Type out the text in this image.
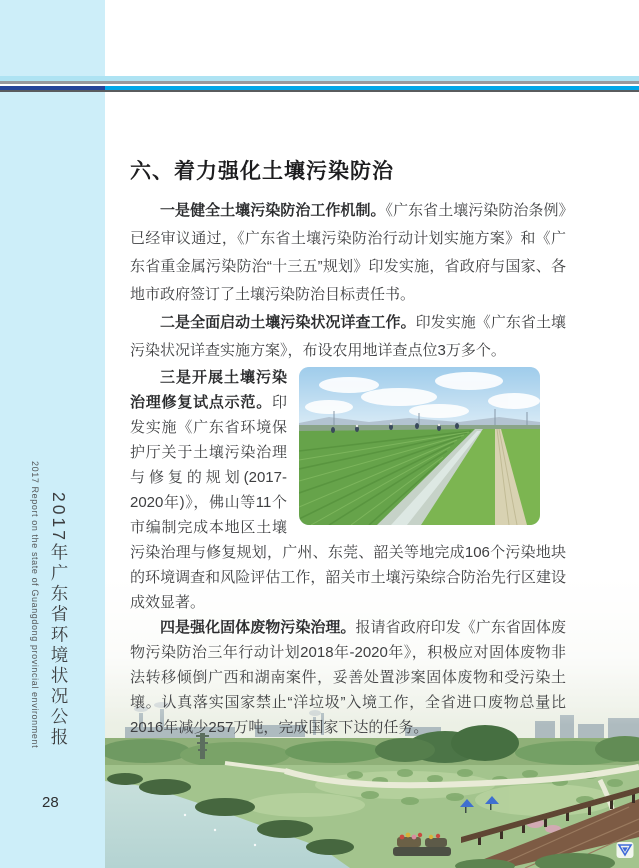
2017 Report on the state of Guangdong provincial environment 2017年广东省环境状况公报
28
六、着力强化土壤污染防治

一是健全土壤污染防治工作机制。《广东省土壤污染防治条例》已经审议通过，《广东省土壤污染防治行动计划实施方案》和《广东省重金属污染防治“十三五”规划》印发实施，省政府与国家、各地市政府签订了土壤污染防治目标责任书。

二是全面启动土壤污染状况详查工作。印发实施《广东省土壤污染状况详查实施方案》，布设农用地详查点位3万多个。

三是开展土壤污染治理修复试点示范。印发实施《广东省环境保护厅关于土壤污染治理与修复的规划(2017-2020年)》，佛山等11个市编制完成本地区土壤污染治理与修复规划，广州、东莞、韶关等地完成106个污染地块的环境调查和风险评估工作，韶关市土壤污染综合防治先行区建设成效显著。

四是强化固体废物污染治理。报请省政府印发《广东省固体废物污染防治三年行动计划2018年-2020年》，积极应对固体废物非法转移倾倒广西和湖南案件，妥善处置涉案固体废物和受污染土壤。认真落实国家禁止“洋垃圾”入境工作，全省进口废物总量比2016年减少257万吨，完成国家下达的任务。
